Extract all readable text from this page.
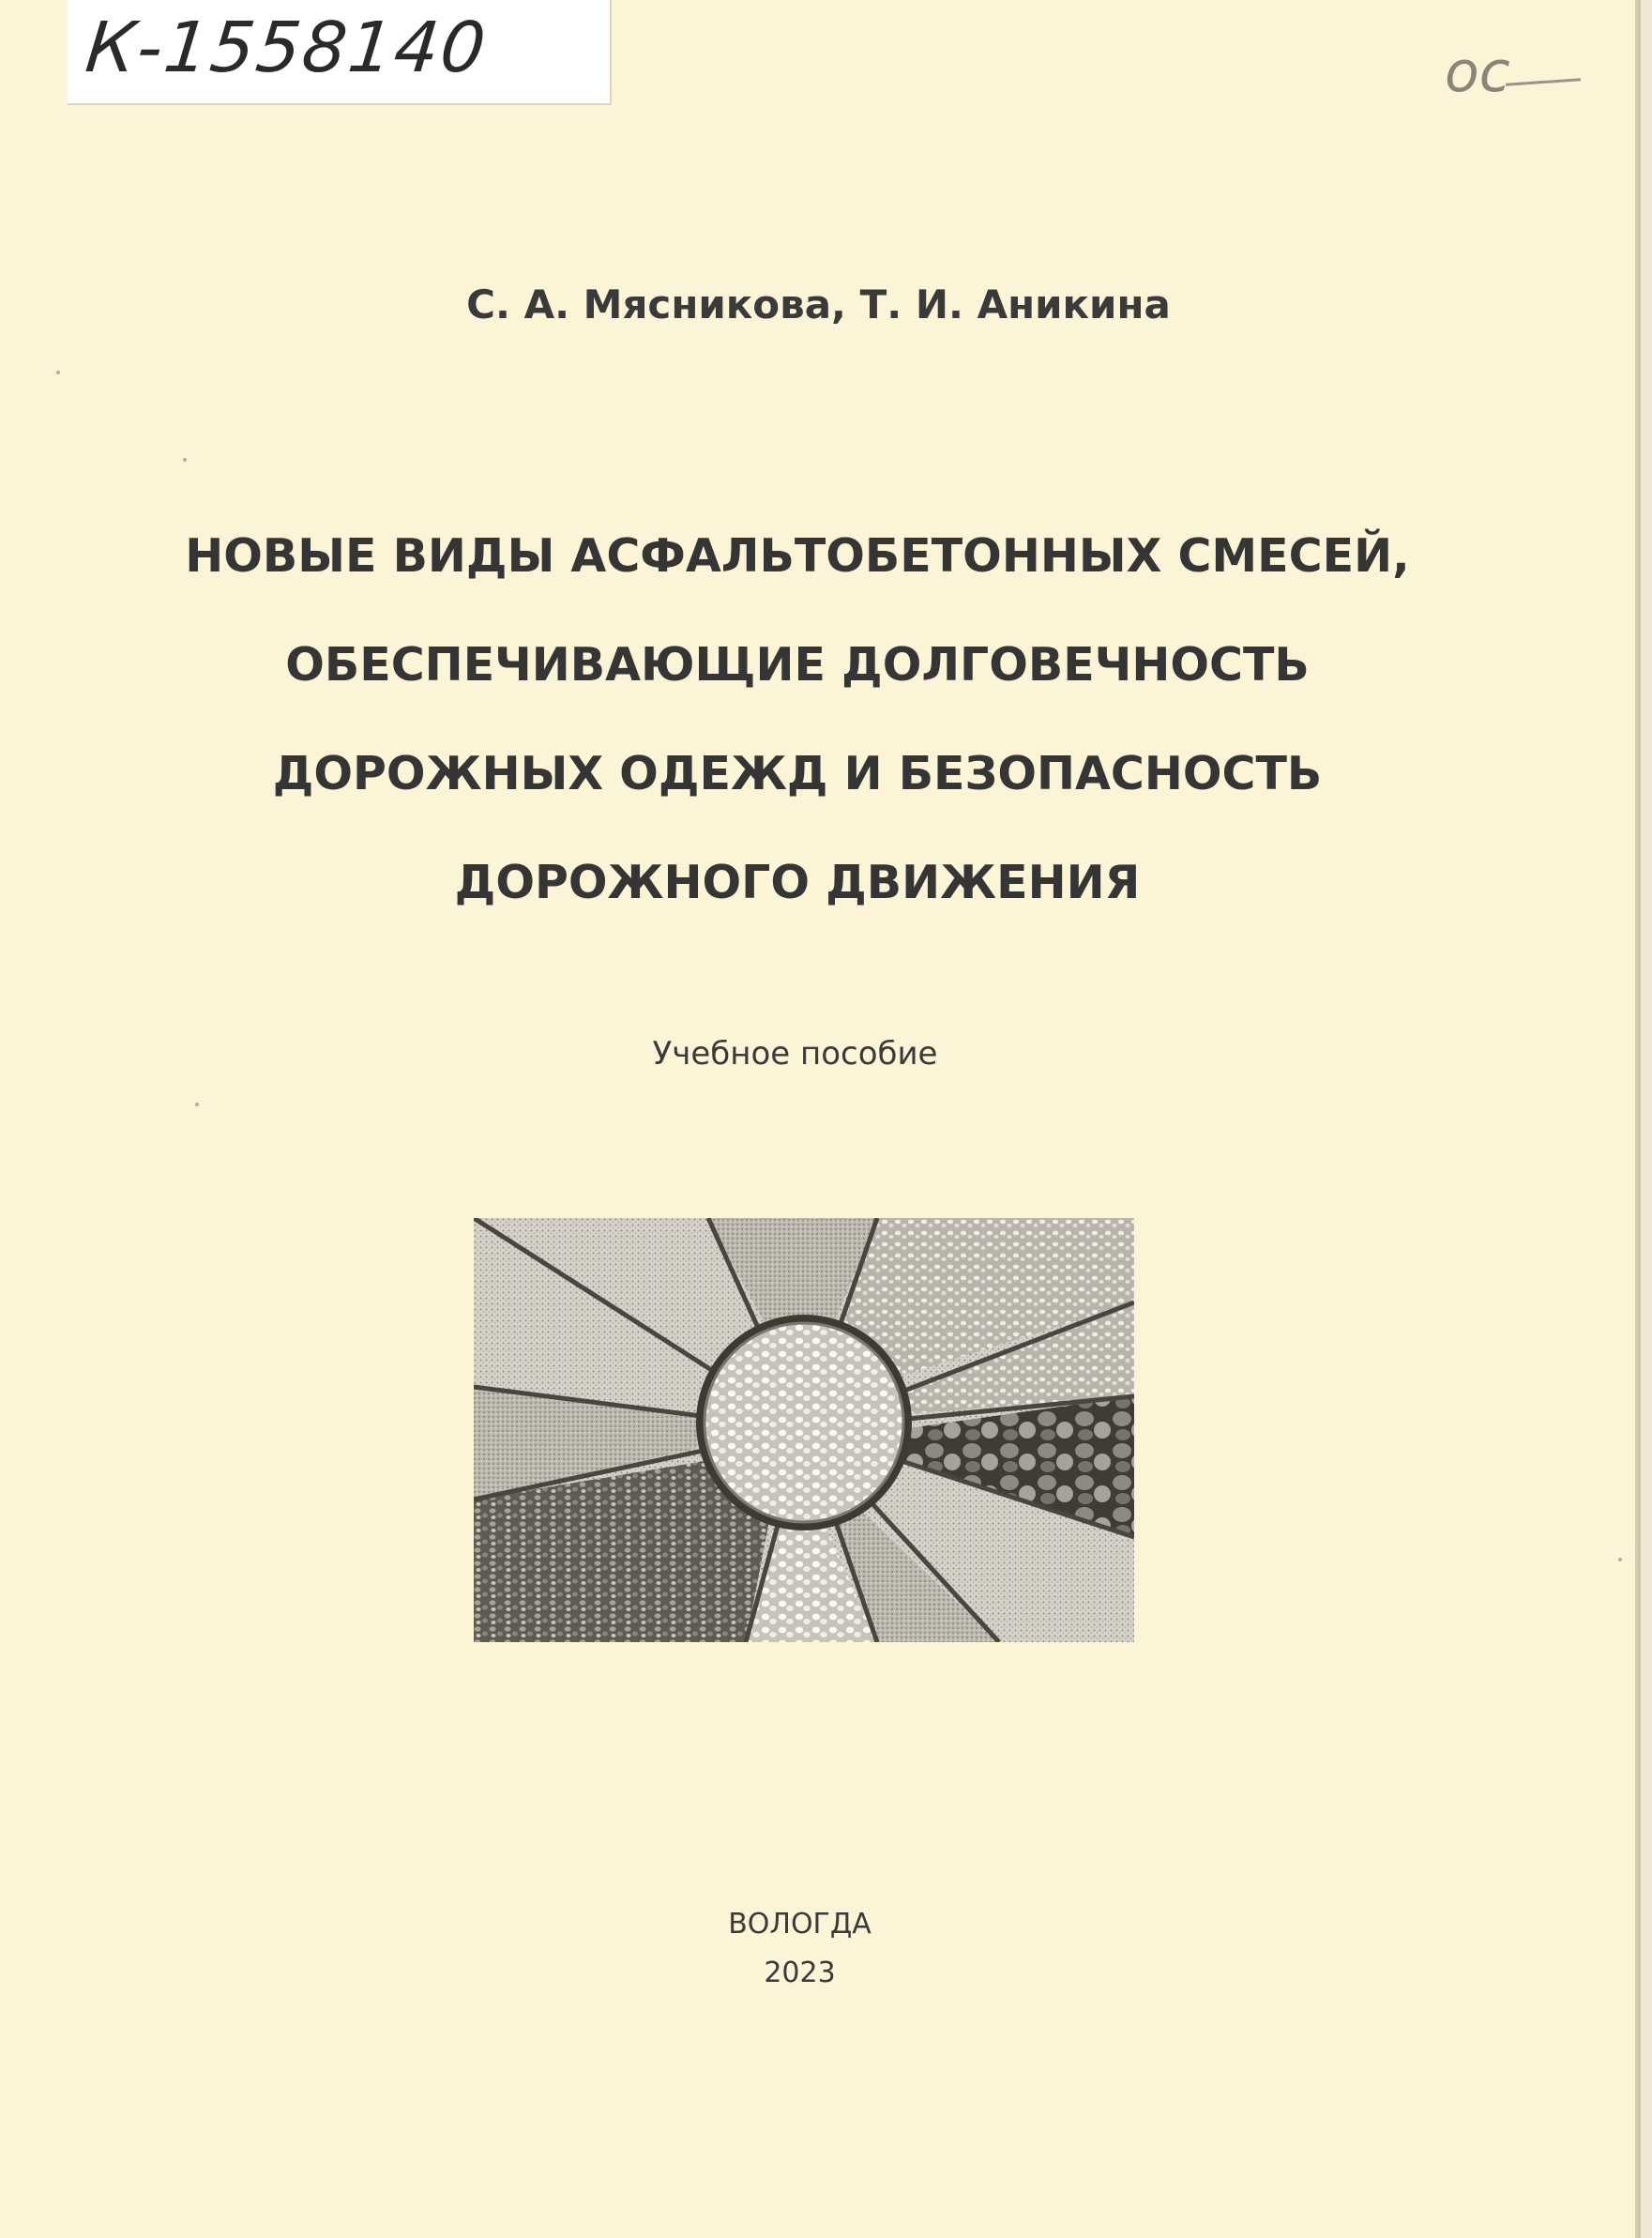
К-1558140	ос
С. А. Мясникова, Т. И. Аникина
НОВЫЕ ВИДЫ АСФАЛЬТОБЕТОННЫХ СМЕСЕЙ,
ОБЕСПЕЧИВАЮЩИЕ ДОЛГОВЕЧНОСТЬ
ДОРОЖНЫХ ОДЕЖД И БЕЗОПАСНОСТЬ
ДОРОЖНОГО ДВИЖЕНИЯ
Учебное пособие
ВОЛОГДА
2023
